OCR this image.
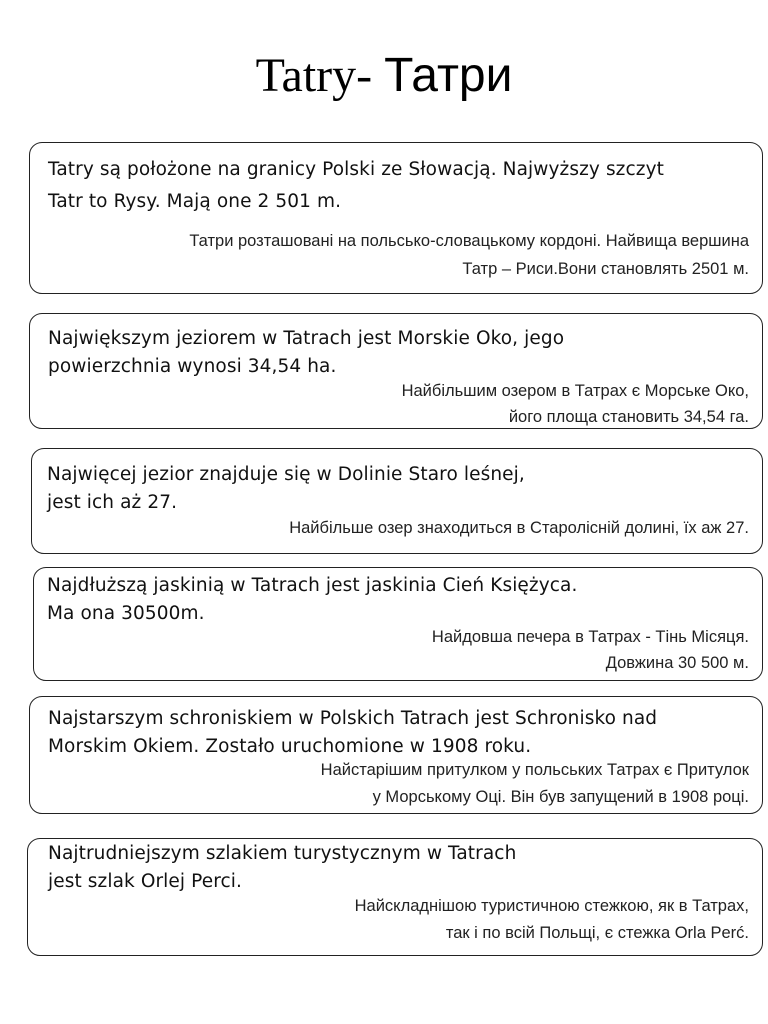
Tatry- Татри
Tatry są położone na granicy Polski ze Słowacją. Najwyższy szczyt
Tatr to Rysy. Mają one 2 501 m.
Татри розташовані на польсько-словацькому кордоні. Найвища вершина
Татр – Риси.Вони становлять 2501 м.
Największym jeziorem w Tatrach jest Morskie Oko, jego
powierzchnia wynosi 34,54 ha.
Найбільшим озером в Татрах є Морське Око,
його площа становить 34,54 га.
Najwięcej jezior znajduje się w Dolinie Staro leśnej,
jest ich aż 27.
Найбільше озер знаходиться в Старолісній долині, їх аж 27.
Najdłuższą jaskinią w Tatrach jest jaskinia Cień Księżyca.
Ma ona 30500m.
Найдовша печера в Татрах - Тінь Місяця.
Довжина 30 500 м.
Najstarszym schroniskiem w Polskich Tatrach jest Schronisko nad
Morskim Okiem. Zostało uruchomione w 1908 roku.
Найстарішим притулком у польських Татрах є Притулок
у Морському Оці. Він був запущений в 1908 році.
Najtrudniejszym szlakiem turystycznym w Tatrach
jest szlak Orlej Perci.
Найскладнішою туристичною стежкою, як в Татрах,
так і по всій Польщі, є стежка Orla Perć.
